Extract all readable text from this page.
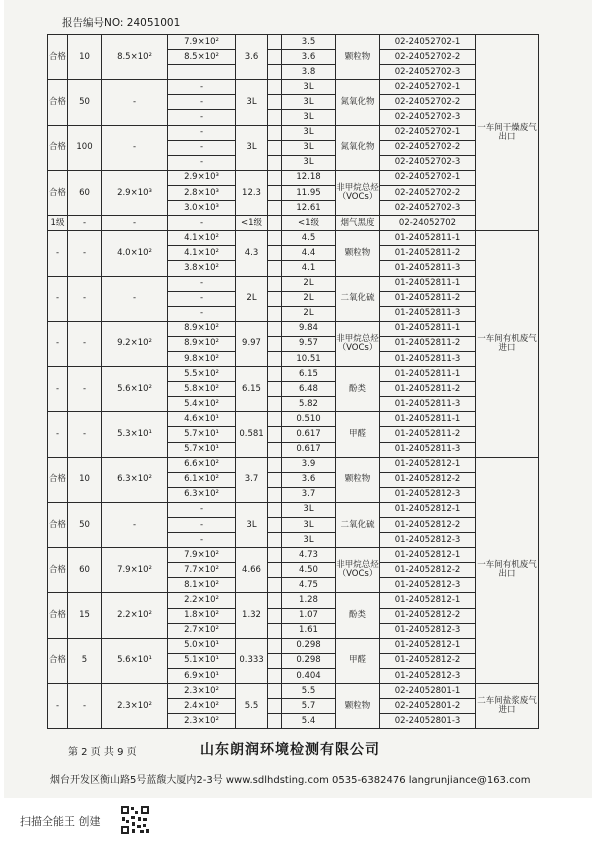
报告编号NO: 24051001
合格	10	8.5×10²	7.9×10²	3.6		3.5	颗粒物	02-24052702-1	一车间干燥废气出口
			8.5×10²			3.6		02-24052702-2	
						3.8		02-24052702-3	
合格	50	-	-	3L		3L	氮氧化物	02-24052702-1	
			-			3L		02-24052702-2	
			-			3L		02-24052702-3	
合格	100	-	-	3L		3L	氮氧化物	02-24052702-1	
			-			3L		02-24052702-2	
			-			3L		02-24052702-3	
合格	60	2.9×10³	2.9×10³	12.3		12.18	非甲烷总烃（VOCs）	02-24052702-1	
			2.8×10³			11.95		02-24052702-2	
			3.0×10³			12.61		02-24052702-3	
1级	-	-	-	<1级		<1级	烟气黑度	02-24052702	
-	-	4.0×10²	4.1×10²	4.3		4.5	颗粒物	01-24052811-1	一车间有机废气进口
			4.1×10²			4.4		01-24052811-2	
			3.8×10²			4.1		01-24052811-3	
-	-	-	-	2L		2L	二氧化硫	01-24052811-1	
			-			2L		01-24052811-2	
			-			2L		01-24052811-3	
-	-	9.2×10²	8.9×10²	9.97		9.84	非甲烷总烃（VOCs）	01-24052811-1	
			8.9×10²			9.57		01-24052811-2	
			9.8×10²			10.51		01-24052811-3	
-	-	5.6×10²	5.5×10²	6.15		6.15	酚类	01-24052811-1	
			5.8×10²			6.48		01-24052811-2	
			5.4×10²			5.82		01-24052811-3	
-	-	5.3×10¹	4.6×10¹	0.581		0.510	甲醛	01-24052811-1	
			5.7×10¹			0.617		01-24052811-2	
			5.7×10¹			0.617		01-24052811-3	
合格	10	6.3×10²	6.6×10²	3.7		3.9	颗粒物	01-24052812-1	一车间有机废气出口
			6.1×10²			3.6		01-24052812-2	
			6.3×10²			3.7		01-24052812-3	
合格	50	-	-	3L		3L	二氧化硫	01-24052812-1	
			-			3L		01-24052812-2	
			-			3L		01-24052812-3	
合格	60	7.9×10²	7.9×10²	4.66		4.73	非甲烷总烃（VOCs）	01-24052812-1	
			7.7×10²			4.50		01-24052812-2	
			8.1×10²			4.75		01-24052812-3	
合格	15	2.2×10²	2.2×10²	1.32		1.28	酚类	01-24052812-1	
			1.8×10²			1.07		01-24052812-2	
			2.7×10²			1.61		01-24052812-3	
合格	5	5.6×10¹	5.0×10¹	0.333		0.298	甲醛	01-24052812-1	
			5.1×10¹			0.298		01-24052812-2	
			6.9×10¹			0.404		01-24052812-3	
-	-	2.3×10²	2.3×10²	5.5		5.5	颗粒物	02-24052801-1	二车间盐浆废气进口
			2.4×10²			5.7		02-24052801-2	
			2.3×10²			5.4		02-24052801-3	
第 2 页 共 9 页	山东朗润环境检测有限公司
烟台开发区衡山路5号蓝馥大厦内2-3号 www.sdlhdsting.com 0535-6382476 langrunjiance@163.com
扫描全能王 创建
